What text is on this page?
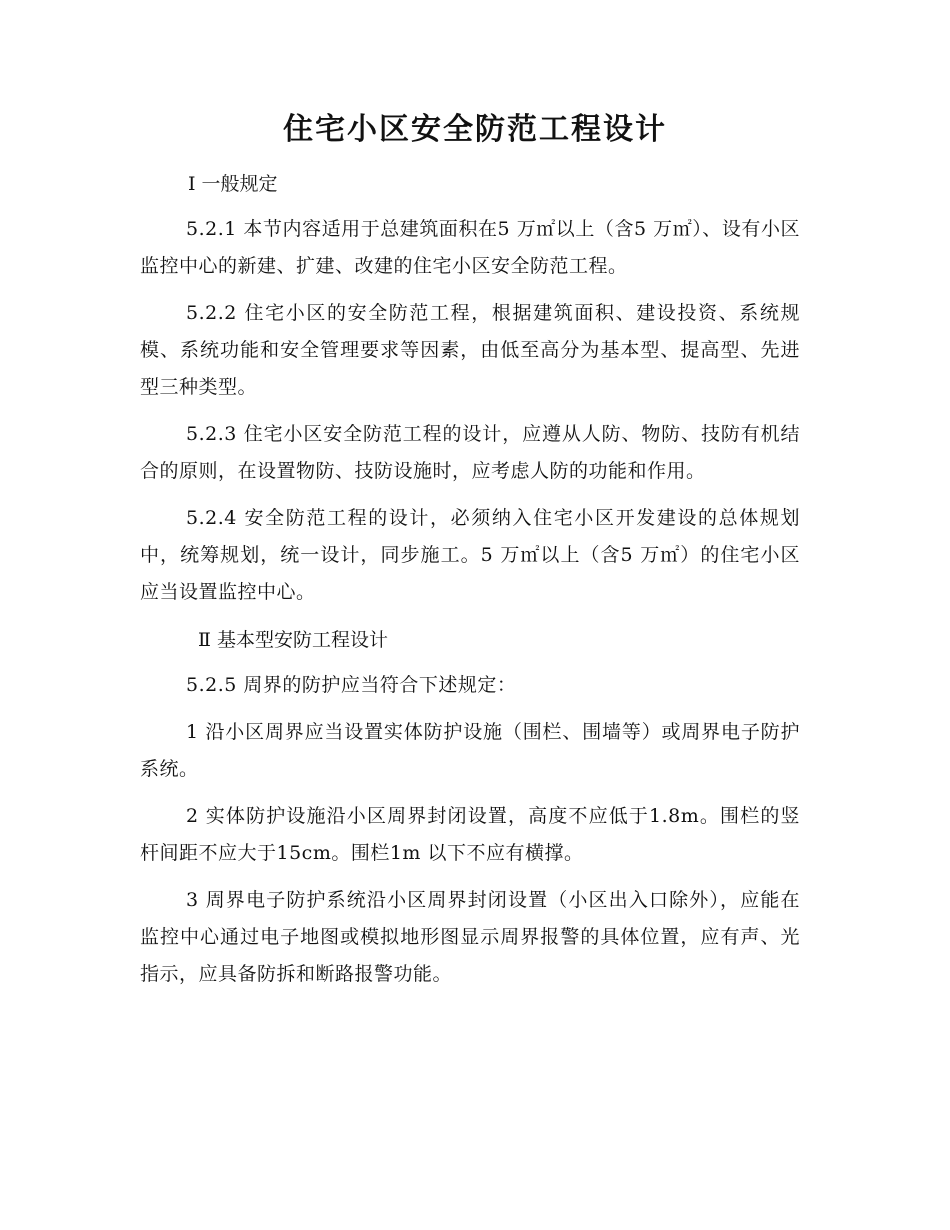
住宅小区安全防范工程设计
Ⅰ 一般规定

5.2.1 本节内容适用于总建筑面积在5 万㎡以上（含5 万㎡）、设有小区监控中心的新建、扩建、改建的住宅小区安全防范工程。

5.2.2 住宅小区的安全防范工程，根据建筑面积、建设投资、系统规模、系统功能和安全管理要求等因素，由低至高分为基本型、提高型、先进型三种类型。

5.2.3 住宅小区安全防范工程的设计，应遵从人防、物防、技防有机结合的原则，在设置物防、技防设施时，应考虑人防的功能和作用。

5.2.4 安全防范工程的设计，必须纳入住宅小区开发建设的总体规划中，统筹规划，统一设计，同步施工。5 万㎡以上（含5 万㎡）的住宅小区应当设置监控中心。

Ⅱ 基本型安防工程设计

5.2.5 周界的防护应当符合下述规定：

1 沿小区周界应当设置实体防护设施（围栏、围墙等）或周界电子防护系统。

2 实体防护设施沿小区周界封闭设置，高度不应低于1.8m。围栏的竖杆间距不应大于15cm。围栏1m 以下不应有横撑。

3 周界电子防护系统沿小区周界封闭设置（小区出入口除外），应能在监控中心通过电子地图或模拟地形图显示周界报警的具体位置，应有声、光指示，应具备防拆和断路报警功能。
